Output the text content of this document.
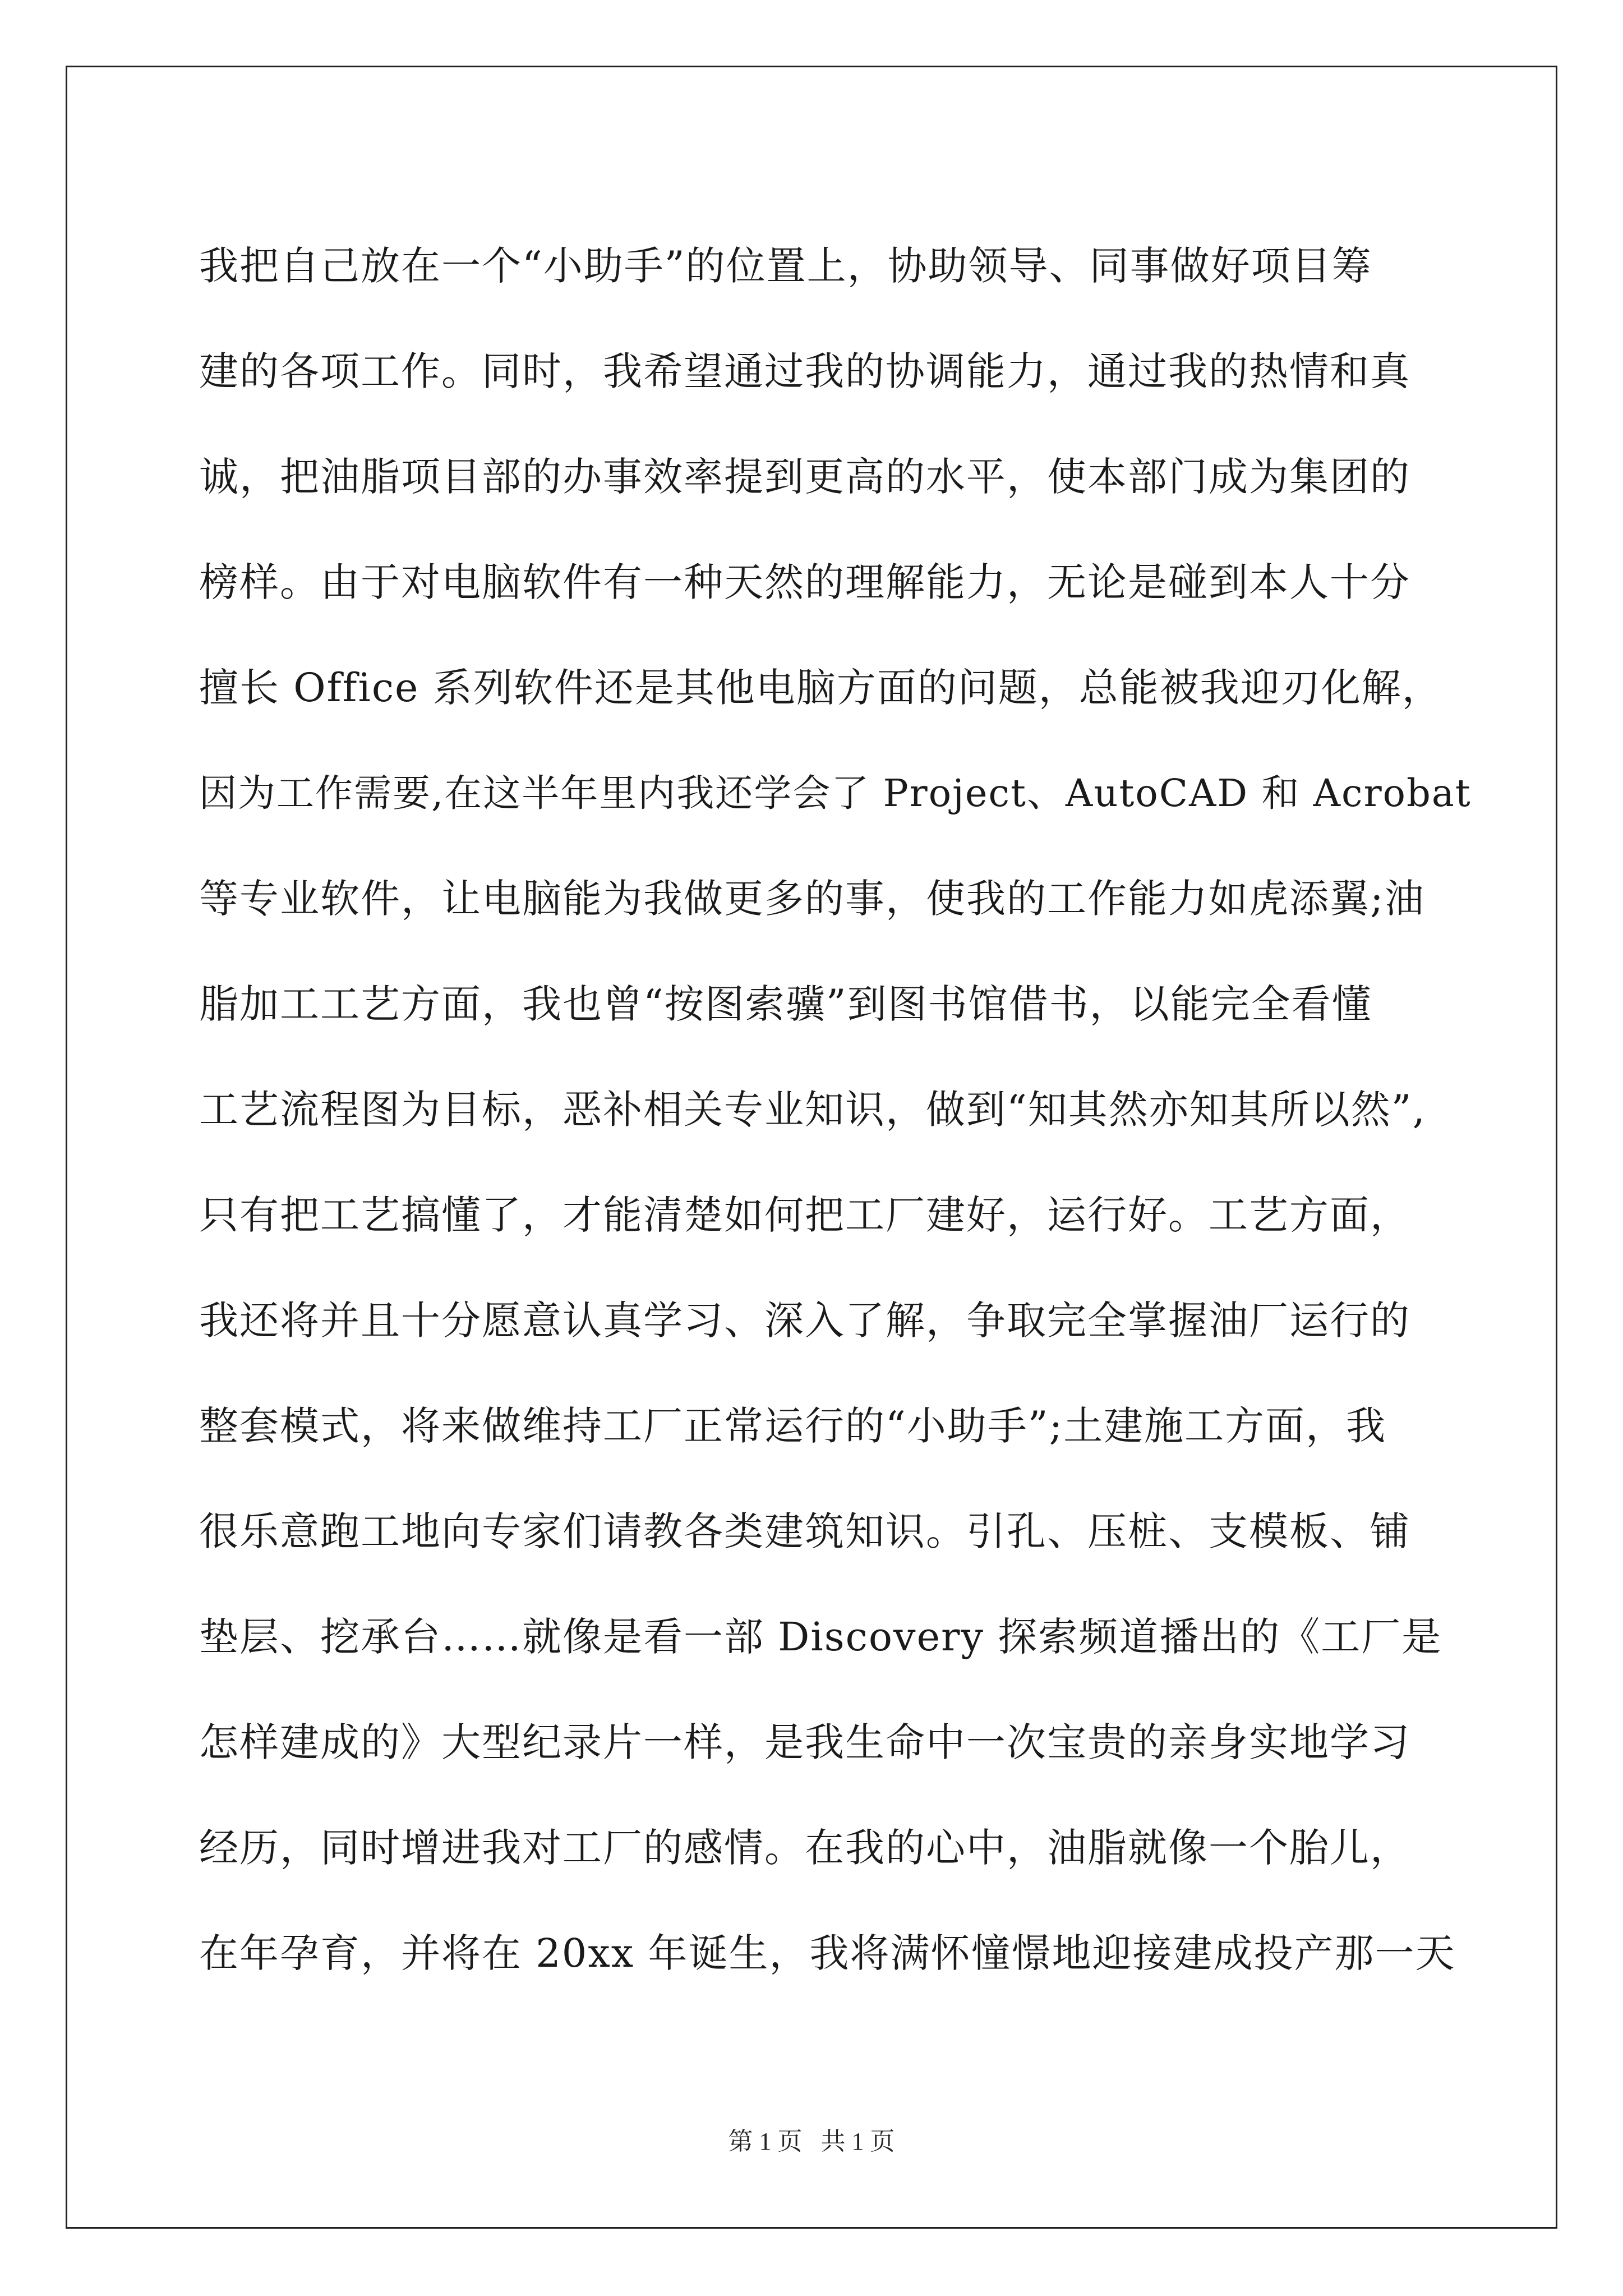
我把自己放在一个“小助手”的位置上，协助领导、同事做好项目筹
建的各项工作。同时，我希望通过我的协调能力，通过我的热情和真
诚，把油脂项目部的办事效率提到更高的水平，使本部门成为集团的
榜样。由于对电脑软件有一种天然的理解能力，无论是碰到本人十分
擅长 Office 系列软件还是其他电脑方面的问题，总能被我迎刃化解，
因为工作需要,在这半年里内我还学会了 Project、AutoCAD 和 Acrobat
等专业软件，让电脑能为我做更多的事，使我的工作能力如虎添翼;油
脂加工工艺方面，我也曾“按图索骥”到图书馆借书，以能完全看懂
工艺流程图为目标，恶补相关专业知识，做到“知其然亦知其所以然”,
只有把工艺搞懂了，才能清楚如何把工厂建好，运行好。工艺方面，
我还将并且十分愿意认真学习、深入了解，争取完全掌握油厂运行的
整套模式，将来做维持工厂正常运行的“小助手”;土建施工方面，我
很乐意跑工地向专家们请教各类建筑知识。引孔、压桩、支模板、铺
垫层、挖承台……就像是看一部 Discovery 探索频道播出的《工厂是
怎样建成的》大型纪录片一样，是我生命中一次宝贵的亲身实地学习
经历，同时增进我对工厂的感情。在我的心中，油脂就像一个胎儿，
在年孕育，并将在 20xx 年诞生，我将满怀憧憬地迎接建成投产那一天
第 1 页 共 1 页
